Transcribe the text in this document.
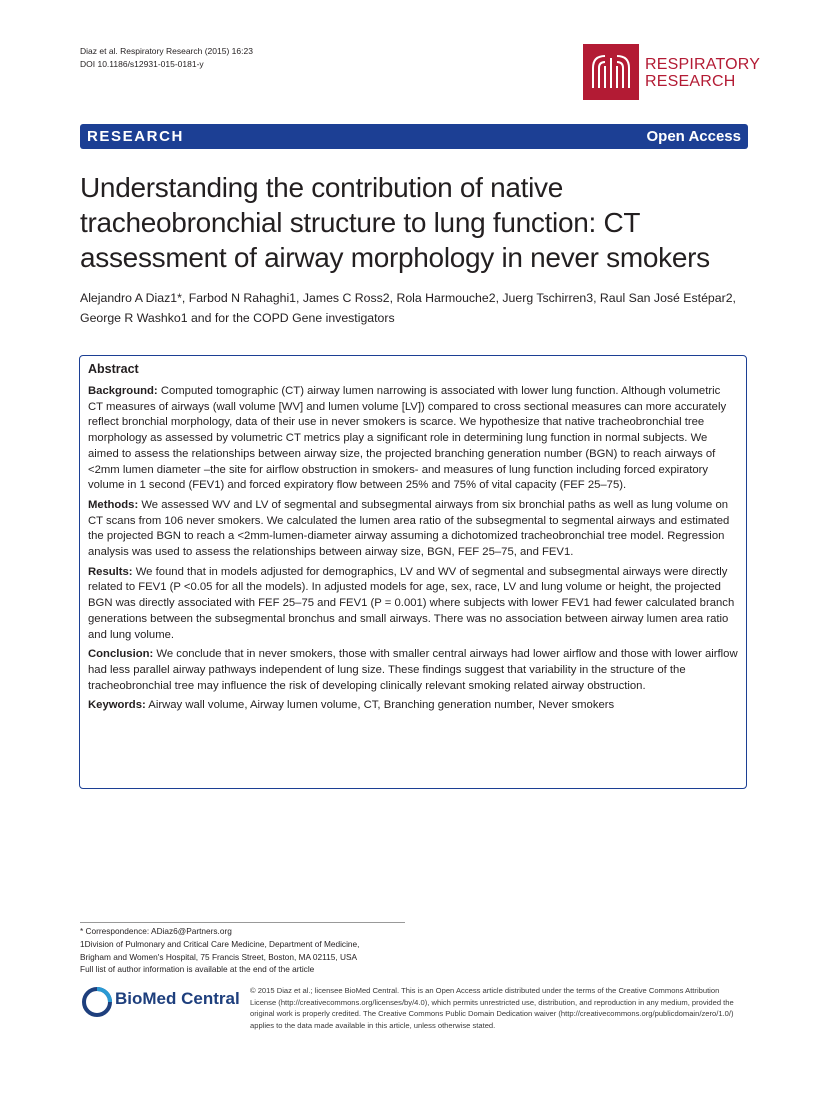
Diaz et al. Respiratory Research (2015) 16:23
DOI 10.1186/s12931-015-0181-y	RESPIRATORY
RESEARCH
RESEARCH	Open Access
Understanding the contribution of native tracheobronchial structure to lung function: CT assessment of airway morphology in never smokers
Alejandro A Diaz1*, Farbod N Rahaghi1, James C Ross2, Rola Harmouche2, Juerg Tschirren3, Raul San José Estépar2,
George R Washko1 and for the COPD Gene investigators
Abstract

Background: Computed tomographic (CT) airway lumen narrowing is associated with lower lung function. Although volumetric CT measures of airways (wall volume [WV] and lumen volume [LV]) compared to cross sectional measures can more accurately reflect bronchial morphology, data of their use in never smokers is scarce. We hypothesize that native tracheobronchial tree morphology as assessed by volumetric CT metrics play a significant role in determining lung function in normal subjects. We aimed to assess the relationships between airway size, the projected branching generation number (BGN) to reach airways of <2mm lumen diameter –the site for airflow obstruction in smokers- and measures of lung function including forced expiratory volume in 1 second (FEV1) and forced expiratory flow between 25% and 75% of vital capacity (FEF 25–75).

Methods: We assessed WV and LV of segmental and subsegmental airways from six bronchial paths as well as lung volume on CT scans from 106 never smokers. We calculated the lumen area ratio of the subsegmental to segmental airways and estimated the projected BGN to reach a <2mm-lumen-diameter airway assuming a dichotomized tracheobronchial tree model. Regression analysis was used to assess the relationships between airway size, BGN, FEF 25–75, and FEV1.

Results: We found that in models adjusted for demographics, LV and WV of segmental and subsegmental airways were directly related to FEV1 (P <0.05 for all the models). In adjusted models for age, sex, race, LV and lung volume or height, the projected BGN was directly associated with FEF 25–75 and FEV1 (P = 0.001) where subjects with lower FEV1 had fewer calculated branch generations between the subsegmental bronchus and small airways. There was no association between airway lumen area ratio and lung volume.

Conclusion: We conclude that in never smokers, those with smaller central airways had lower airflow and those with lower airflow had less parallel airway pathways independent of lung size. These findings suggest that variability in the structure of the tracheobronchial tree may influence the risk of developing clinically relevant smoking related airway obstruction.

Keywords: Airway wall volume, Airway lumen volume, CT, Branching generation number, Never smokers

* Correspondence: ADiaz6@Partners.org
1Division of Pulmonary and Critical Care Medicine, Department of Medicine,
Brigham and Women's Hospital, 75 Francis Street, Boston, MA 02115, USA
Full list of author information is available at the end of the article
BioMed Central © 2015 Diaz et al.; licensee BioMed Central. This is an Open Access article distributed under the terms of the Creative Commons Attribution License (http://creativecommons.org/licenses/by/4.0), which permits unrestricted use, distribution, and reproduction in any medium, provided the original work is properly credited. The Creative Commons Public Domain Dedication waiver (http://creativecommons.org/publicdomain/zero/1.0/) applies to the data made available in this article, unless otherwise stated.
